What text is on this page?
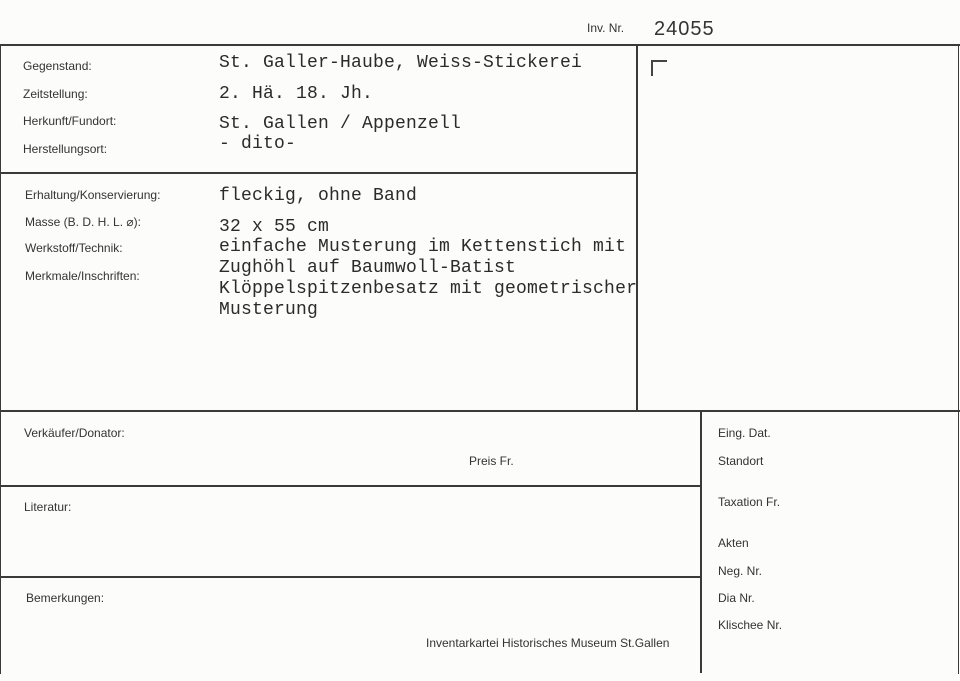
Inv. Nr. 24055
Gegenstand:
Zeitstellung:
Herkunft/Fundort:
Herstellungsort:
St. Galler-Haube, Weiss-Stickerei
2. Hä. 18. Jh.
St. Gallen / Appenzell
- dito-
Erhaltung/Konservierung:
Masse (B. D. H. L. ⌀):
Werkstoff/Technik:
Merkmale/Inschriften:
fleckig, ohne Band
32 x 55 cm
einfache Musterung im Kettenstich mit
Zughöhl auf Baumwoll-Batist
Klöppelspitzenbesatz mit geometrischer
Musterung
Verkäufer/Donator:
Preis Fr.
Literatur:
Bemerkungen:
Inventarkartei Historisches Museum St.Gallen
Eing. Dat.
Standort
Taxation Fr.
Akten
Neg. Nr.
Dia Nr.
Klischee Nr.
